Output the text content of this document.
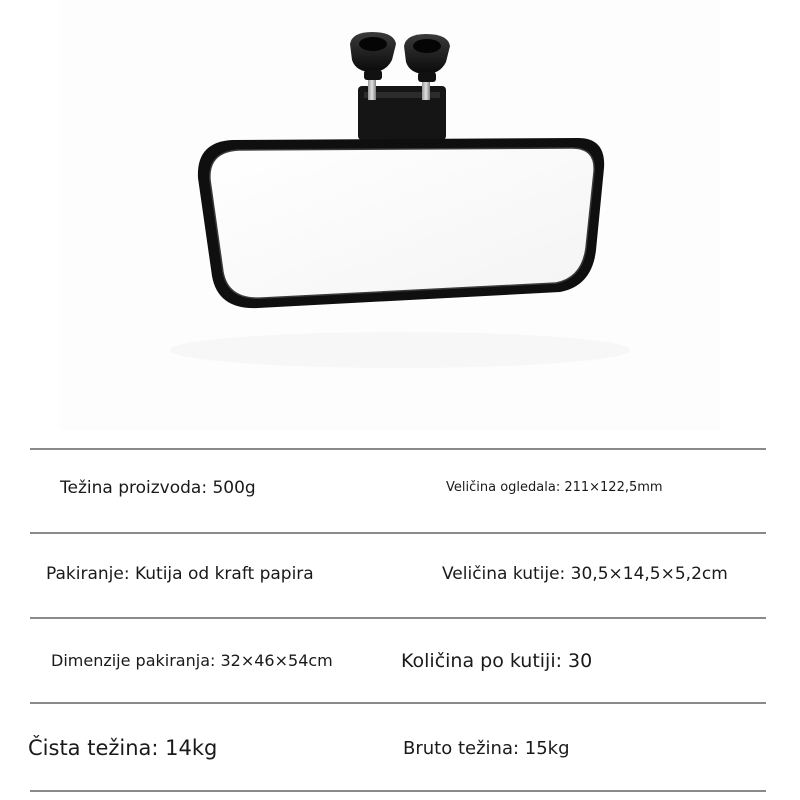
Težina proizvoda: 500g	Veličina ogledala: 211×122,5mm
Pakiranje: Kutija od kraft papira	Veličina kutije: 30,5×14,5×5,2cm
Dimenzije pakiranja: 32×46×54cm	Količina po kutiji: 30
Čista težina: 14kg	Bruto težina: 15kg
